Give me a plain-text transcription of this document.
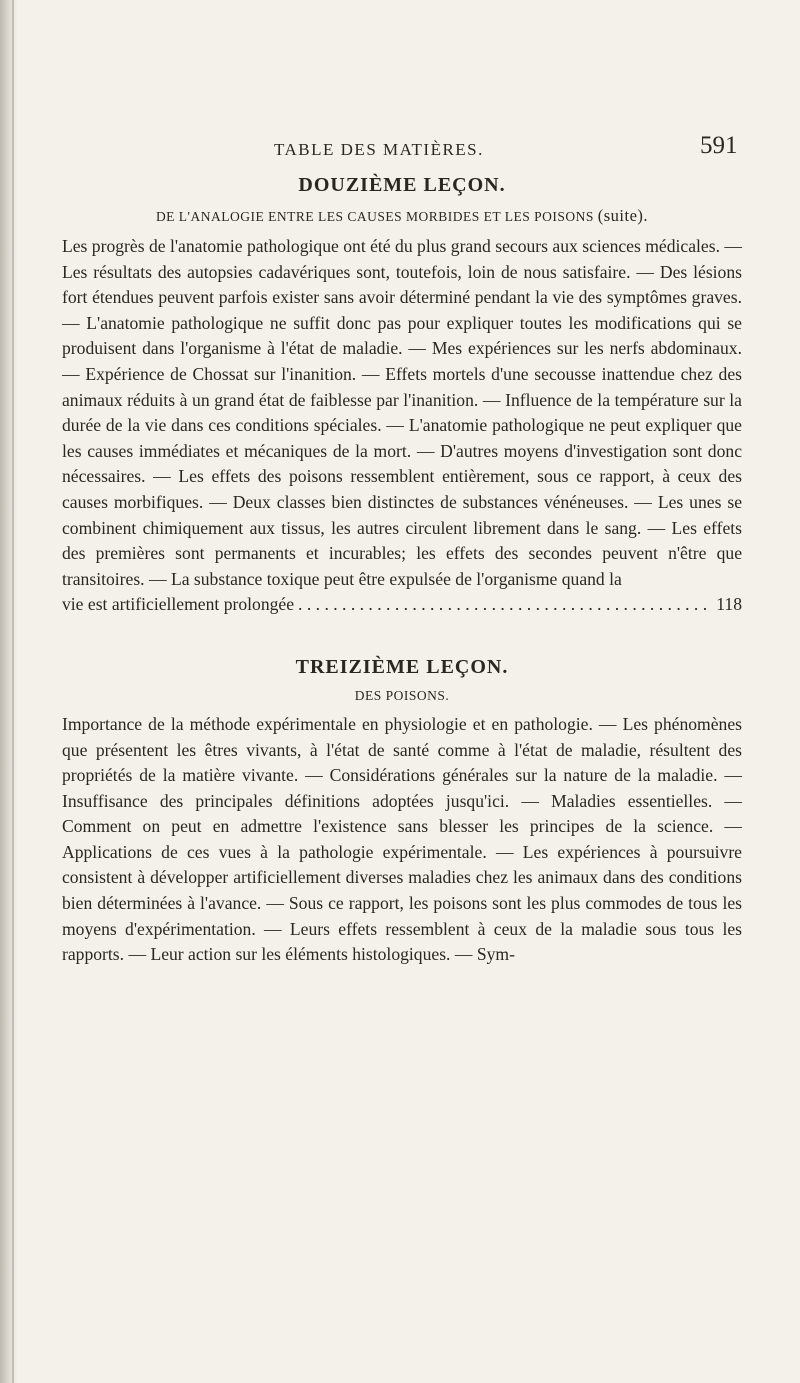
TABLE DES MATIÈRES.	591
DOUZIÈME LEÇON.

DE L'ANALOGIE ENTRE LES CAUSES MORBIDES ET LES POISONS (suite).

Les progrès de l'anatomie pathologique ont été du plus grand secours aux sciences médicales. — Les résultats des autopsies cadavériques sont, toutefois, loin de nous satisfaire. — Des lésions fort étendues peuvent parfois exister sans avoir déterminé pendant la vie des symptômes graves. — L'anatomie pathologique ne suffit donc pas pour expliquer toutes les modifications qui se produisent dans l'organisme à l'état de maladie. — Mes expériences sur les nerfs abdominaux. — Expérience de Chossat sur l'inanition. — Effets mortels d'une secousse inattendue chez des animaux réduits à un grand état de faiblesse par l'inanition. — Influence de la température sur la durée de la vie dans ces conditions spéciales. — L'anatomie pathologique ne peut expliquer que les causes immédiates et mécaniques de la mort. — D'autres moyens d'investigation sont donc nécessaires. — Les effets des poisons ressemblent entièrement, sous ce rapport, à ceux des causes morbifiques. — Deux classes bien distinctes de substances vénéneuses. — Les unes se combinent chimiquement aux tissus, les autres circulent librement dans le sang. — Les effets des premières sont permanents et incurables; les effets des secondes peuvent n'être que transitoires. — La substance toxique peut être expulsée de l'organisme quand la

vie est artificiellement prolongée
. . .	118
TREIZIÈME LEÇON.

DES POISONS.

Importance de la méthode expérimentale en physiologie et en pathologie. — Les phénomènes que présentent les êtres vivants, à l'état de santé comme à l'état de maladie, résultent des propriétés de la matière vivante. — Considérations générales sur la nature de la maladie. — Insuffisance des principales définitions adoptées jusqu'ici. — Maladies essentielles. — Comment on peut en admettre l'existence sans blesser les principes de la science. — Applications de ces vues à la pathologie expérimentale. — Les expériences à poursuivre consistent à développer artificiellement diverses maladies chez les animaux dans des conditions bien déterminées à l'avance. — Sous ce rapport, les poisons sont les plus commodes de tous les moyens d'expérimentation. — Leurs effets ressemblent à ceux de la maladie sous tous les rapports. — Leur action sur les éléments histologiques. — Sym-
